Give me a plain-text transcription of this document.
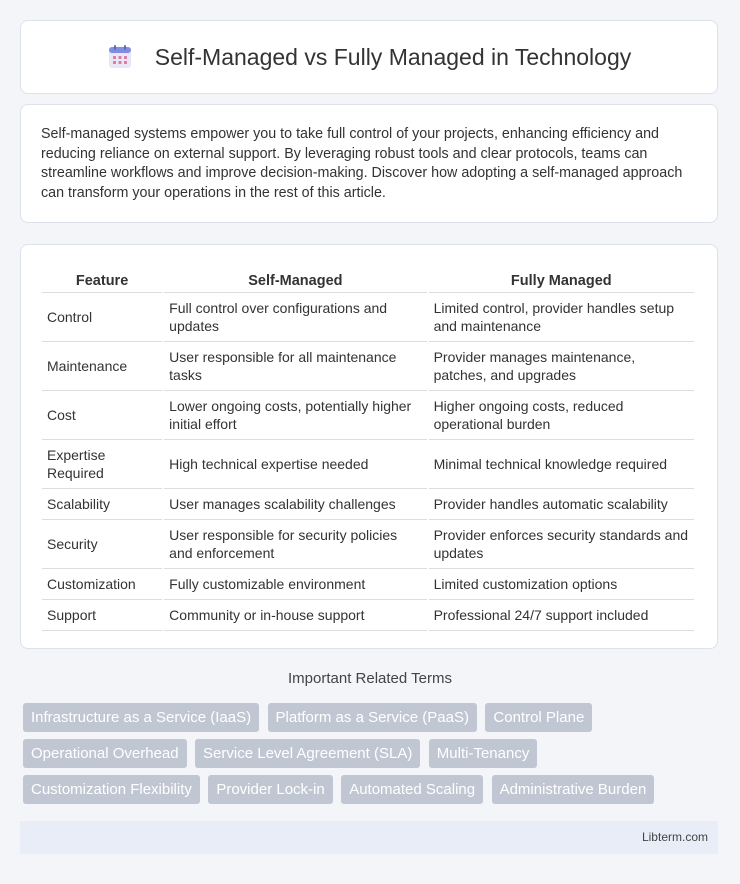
Self-Managed vs Fully Managed in Technology

Self-managed systems empower you to take full control of your projects, enhancing efficiency and reducing reliance on external support. By leveraging robust tools and clear protocols, teams can streamline workflows and improve decision-making. Discover how adopting a self-managed approach can transform your operations in the rest of this article.

Feature	Self-Managed	Fully Managed
Control	Full control over configurations and updates	Limited control, provider handles setup and maintenance
Maintenance	User responsible for all maintenance tasks	Provider manages maintenance, patches, and upgrades
Cost	Lower ongoing costs, potentially higher initial effort	Higher ongoing costs, reduced operational burden
Expertise Required	High technical expertise needed	Minimal technical knowledge required
Scalability	User manages scalability challenges	Provider handles automatic scalability
Security	User responsible for security policies and enforcement	Provider enforces security standards and updates
Customization	Fully customizable environment	Limited customization options
Support	Community or in-house support	Professional 24/7 support included
Important Related Terms
Infrastructure as a Service (IaaS) Platform as a Service (PaaS) Control Plane
Operational Overhead Service Level Agreement (SLA) Multi-Tenancy
Customization Flexibility Provider Lock-in Automated Scaling Administrative Burden
Libterm.com
